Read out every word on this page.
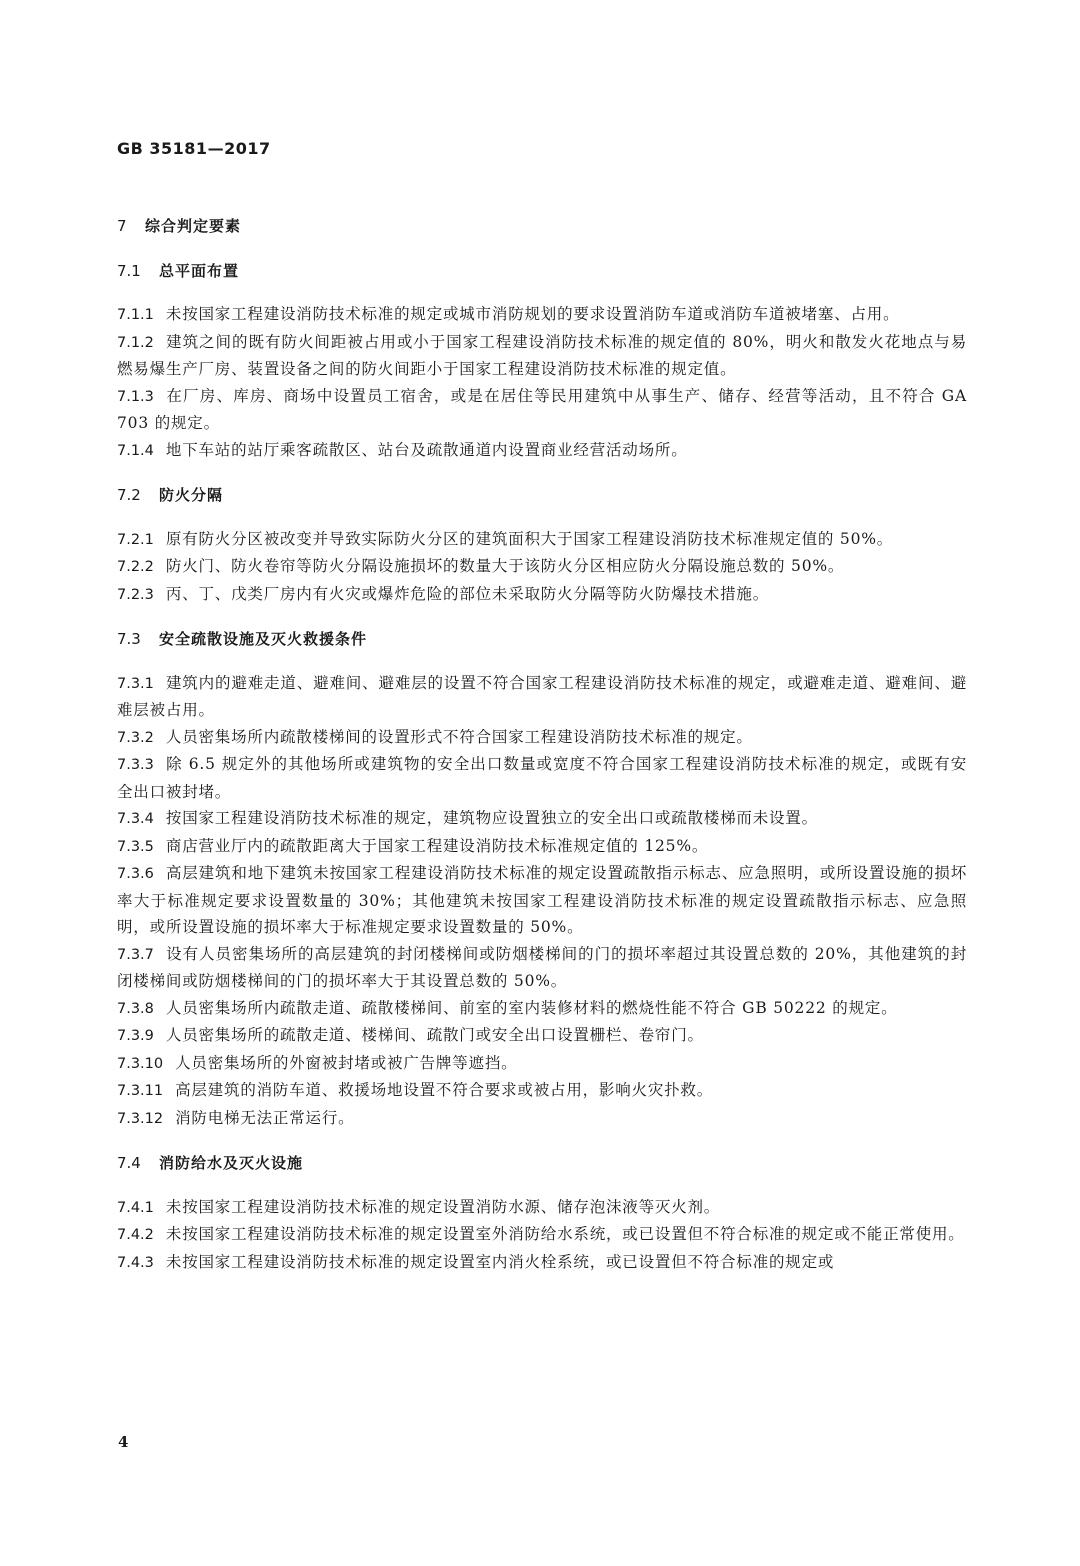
GB 35181—2017
7 综合判定要素
7.1 总平面布置
7.1.1 未按国家工程建设消防技术标准的规定或城市消防规划的要求设置消防车道或消防车道被堵塞、占用。
7.1.2 建筑之间的既有防火间距被占用或小于国家工程建设消防技术标准的规定值的 80%，明火和散发火花地点与易燃易爆生产厂房、装置设备之间的防火间距小于国家工程建设消防技术标准的规定值。
7.1.3 在厂房、库房、商场中设置员工宿舍，或是在居住等民用建筑中从事生产、储存、经营等活动，且不符合 GA 703 的规定。
7.1.4 地下车站的站厅乘客疏散区、站台及疏散通道内设置商业经营活动场所。
7.2 防火分隔
7.2.1 原有防火分区被改变并导致实际防火分区的建筑面积大于国家工程建设消防技术标准规定值的 50%。
7.2.2 防火门、防火卷帘等防火分隔设施损坏的数量大于该防火分区相应防火分隔设施总数的 50%。
7.2.3 丙、丁、戊类厂房内有火灾或爆炸危险的部位未采取防火分隔等防火防爆技术措施。
7.3 安全疏散设施及灭火救援条件
7.3.1 建筑内的避难走道、避难间、避难层的设置不符合国家工程建设消防技术标准的规定，或避难走道、避难间、避难层被占用。
7.3.2 人员密集场所内疏散楼梯间的设置形式不符合国家工程建设消防技术标准的规定。
7.3.3 除 6.5 规定外的其他场所或建筑物的安全出口数量或宽度不符合国家工程建设消防技术标准的规定，或既有安全出口被封堵。
7.3.4 按国家工程建设消防技术标准的规定，建筑物应设置独立的安全出口或疏散楼梯而未设置。
7.3.5 商店营业厅内的疏散距离大于国家工程建设消防技术标准规定值的 125%。
7.3.6 高层建筑和地下建筑未按国家工程建设消防技术标准的规定设置疏散指示标志、应急照明，或所设置设施的损坏率大于标准规定要求设置数量的 30%；其他建筑未按国家工程建设消防技术标准的规定设置疏散指示标志、应急照明，或所设置设施的损坏率大于标准规定要求设置数量的 50%。
7.3.7 设有人员密集场所的高层建筑的封闭楼梯间或防烟楼梯间的门的损坏率超过其设置总数的 20%，其他建筑的封闭楼梯间或防烟楼梯间的门的损坏率大于其设置总数的 50%。
7.3.8 人员密集场所内疏散走道、疏散楼梯间、前室的室内装修材料的燃烧性能不符合 GB 50222 的规定。
7.3.9 人员密集场所的疏散走道、楼梯间、疏散门或安全出口设置栅栏、卷帘门。
7.3.10 人员密集场所的外窗被封堵或被广告牌等遮挡。
7.3.11 高层建筑的消防车道、救援场地设置不符合要求或被占用，影响火灾扑救。
7.3.12 消防电梯无法正常运行。
7.4 消防给水及灭火设施
7.4.1 未按国家工程建设消防技术标准的规定设置消防水源、储存泡沫液等灭火剂。
7.4.2 未按国家工程建设消防技术标准的规定设置室外消防给水系统，或已设置但不符合标准的规定或不能正常使用。
7.4.3 未按国家工程建设消防技术标准的规定设置室内消火栓系统，或已设置但不符合标准的规定或
4
